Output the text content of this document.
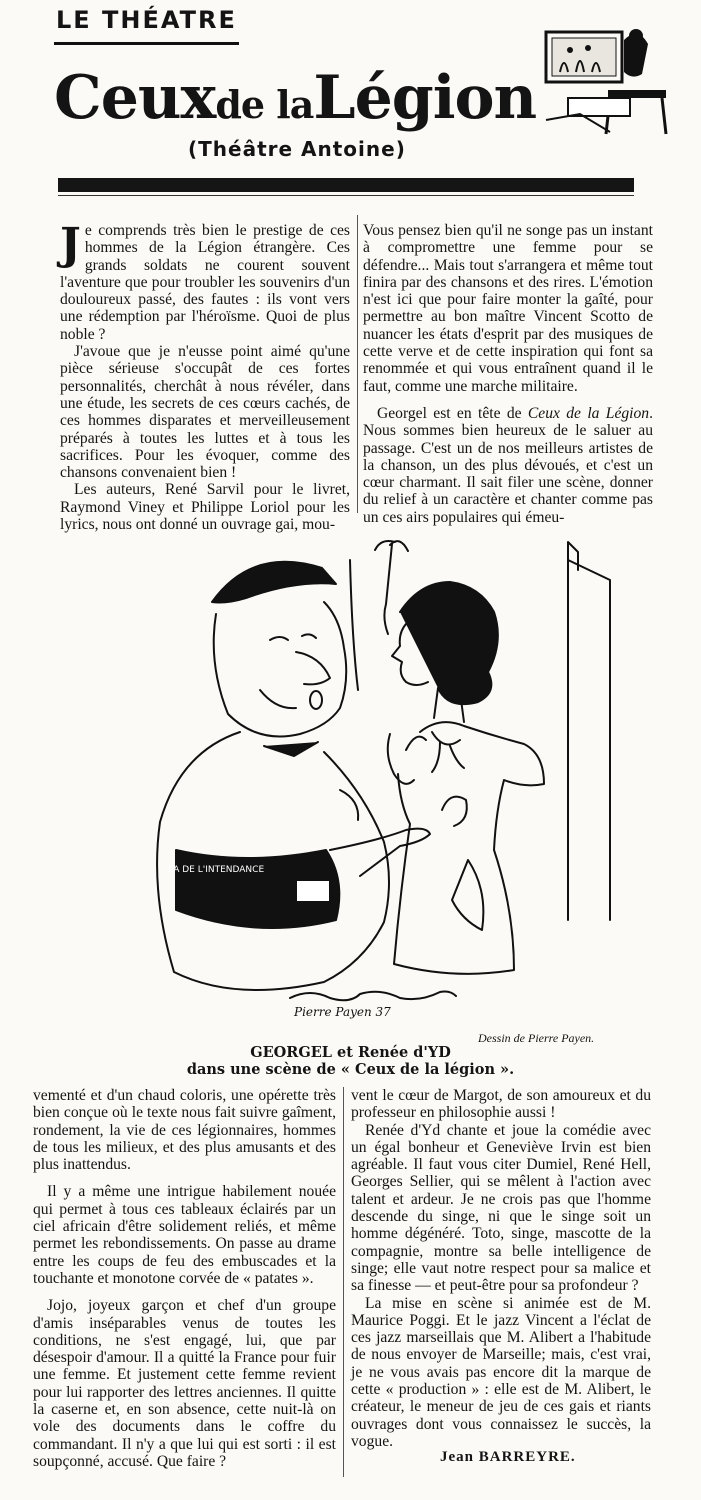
LE THÉATRE
Ceuxde laLégion
(Théâtre Antoine)

Je comprends très bien le prestige de ces hommes de la Légion étrangère. Ces grands soldats ne courent souvent l'aventure que pour troubler les souvenirs d'un douloureux passé, des fautes : ils vont vers une rédemption par l'héroïsme. Quoi de plus noble ?

J'avoue que je n'eusse point aimé qu'une pièce sérieuse s'occupât de ces fortes personnalités, cherchât à nous révéler, dans une étude, les secrets de ces cœurs cachés, de ces hommes disparates et merveilleusement préparés à toutes les luttes et à tous les sacrifices. Pour les évoquer, comme des chansons convenaient bien !

Les auteurs, René Sarvil pour le livret, Raymond Viney et Philippe Loriol pour les lyrics, nous ont donné un ouvrage gai, mou-

Vous pensez bien qu'il ne songe pas un instant à compromettre une femme pour se défendre... Mais tout s'arrangera et même tout finira par des chansons et des rires. L'émotion n'est ici que pour faire monter la gaîté, pour permettre au bon maître Vincent Scotto de nuancer les états d'esprit par des musiques de cette verve et de cette inspiration qui font sa renommée et qui vous entraînent quand il le faut, comme une marche militaire.

Georgel est en tête de Ceux de la Légion. Nous sommes bien heureux de le saluer au passage. C'est un de nos meilleurs artistes de la chanson, un des plus dévoués, et c'est un cœur charmant. Il sait filer une scène, donner du relief à un caractère et chanter comme pas un ces airs populaires qui émeu-

LA DE L'INTENDANCE
Pierre Payen 37
Dessin de Pierre Payen.
GEORGEL et Renée d'YD
dans une scène de « Ceux de la légion ».

vementé et d'un chaud coloris, une opérette très bien conçue où le texte nous fait suivre gaîment, rondement, la vie de ces légionnaires, hommes de tous les milieux, et des plus amusants et des plus inattendus.

Il y a même une intrigue habilement nouée qui permet à tous ces tableaux éclairés par un ciel africain d'être solidement reliés, et même permet les rebondissements. On passe au drame entre les coups de feu des embuscades et la touchante et monotone corvée de « patates ».

Jojo, joyeux garçon et chef d'un groupe d'amis inséparables venus de toutes les conditions, ne s'est engagé, lui, que par désespoir d'amour. Il a quitté la France pour fuir une femme. Et justement cette femme revient pour lui rapporter des lettres anciennes. Il quitte la caserne et, en son absence, cette nuit-là on vole des documents dans le coffre du commandant. Il n'y a que lui qui est sorti : il est soupçonné, accusé. Que faire ?

vent le cœur de Margot, de son amoureux et du professeur en philosophie aussi !

Renée d'Yd chante et joue la comédie avec un égal bonheur et Geneviève Irvin est bien agréable. Il faut vous citer Dumiel, René Hell, Georges Sellier, qui se mêlent à l'action avec talent et ardeur. Je ne crois pas que l'homme descende du singe, ni que le singe soit un homme dégénéré. Toto, singe, mascotte de la compagnie, montre sa belle intelligence de singe; elle vaut notre respect pour sa malice et sa finesse — et peut-être pour sa profondeur ?

La mise en scène si animée est de M. Maurice Poggi. Et le jazz Vincent a l'éclat de ces jazz marseillais que M. Alibert a l'habitude de nous envoyer de Marseille; mais, c'est vrai, je ne vous avais pas encore dit la marque de cette « production » : elle est de M. Alibert, le créateur, le meneur de jeu de ces gais et riants ouvrages dont vous connaissez le succès, la vogue.

Jean BARREYRE.
